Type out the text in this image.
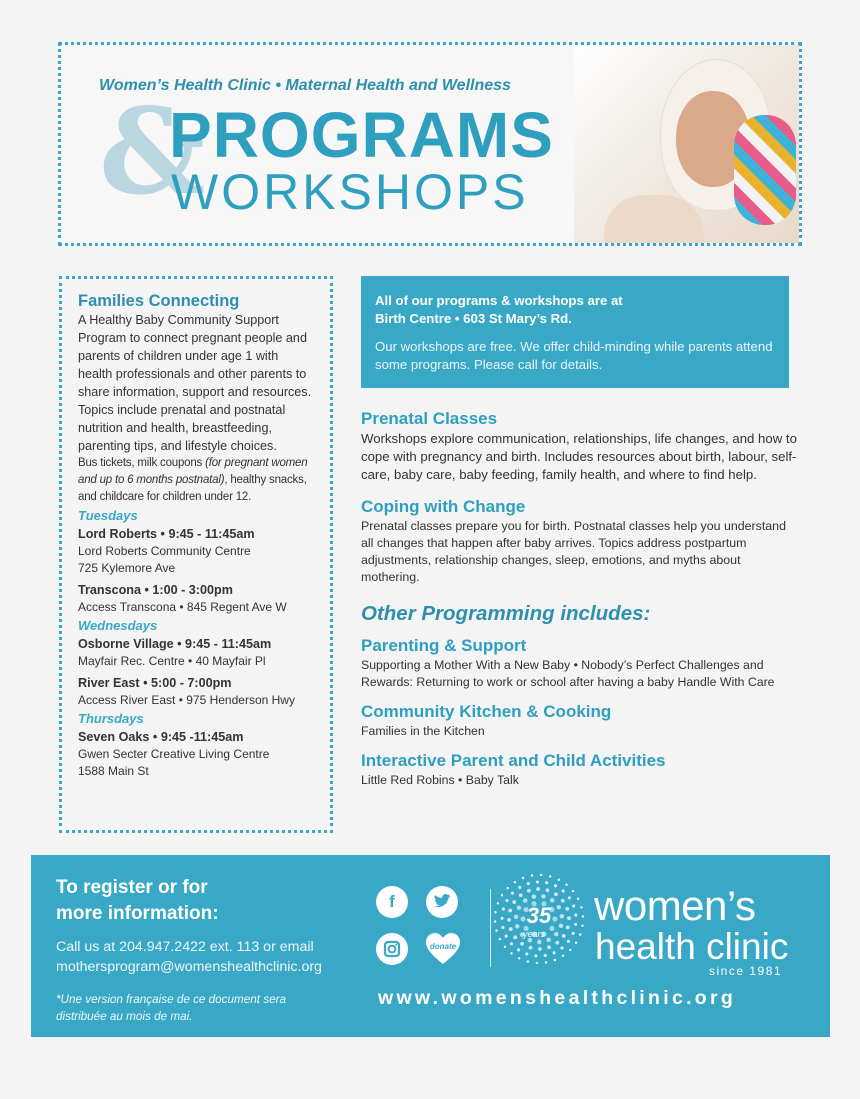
Women’s Health Clinic • Maternal Health and Wellness
&
PROGRAMS
WORKSHOPS
Families Connecting

A Healthy Baby Community Support Program to connect pregnant people and parents of children under age 1 with health professionals and other parents to share information, support and resources. Topics include prenatal and postnatal nutrition and health, breastfeeding, parenting tips, and lifestyle choices.

Bus tickets, milk coupons (for pregnant women and up to 6 months postnatal), healthy snacks, and childcare for children under 12.

Tuesdays
Lord Roberts • 9:45 - 11:45am
Lord Roberts Community Centre
725 Kylemore Ave
Transcona • 1:00 - 3:00pm
Access Transcona • 845 Regent Ave W
Wednesdays
Osborne Village • 9:45 - 11:45am
Mayfair Rec. Centre • 40 Mayfair Pl
River East • 5:00 - 7:00pm
Access River East • 975 Henderson Hwy
Thursdays
Seven Oaks • 9:45 -11:45am
Gwen Secter Creative Living Centre
1588 Main St
All of our programs & workshops are at
Birth Centre • 603 St Mary’s Rd.
Our workshops are free. We offer child-minding while parents attend some programs. Please call for details.
Prenatal Classes
Workshops explore communication, relationships, life changes, and how to cope with pregnancy and birth. Includes resources about birth, labour, self-care, baby care, baby feeding, family health, and where to find help.
Coping with Change
Prenatal classes prepare you for birth. Postnatal classes help you understand all changes that happen after baby arrives. Topics address postpartum adjustments, relationship changes, sleep, emotions, and myths about mothering.
Other Programming includes:
Parenting & Support

Supporting a Mother With a New Baby • Nobody’s Perfect Challenges and Rewards: Returning to work or school after having a baby Handle With Care

Community Kitchen & Cooking

Families in the Kitchen

Interactive Parent and Child Activities

Little Red Robins • Baby Talk

To register or for
more information:
Call us at 204.947.2422 ext. 113 or email
mothersprogram@womenshealthclinic.org
*Une version française de ce document sera
distribuée au mois de mai.
f
donate
35
years
women’s
health clinic
since 1981
www.womenshealthclinic.org
